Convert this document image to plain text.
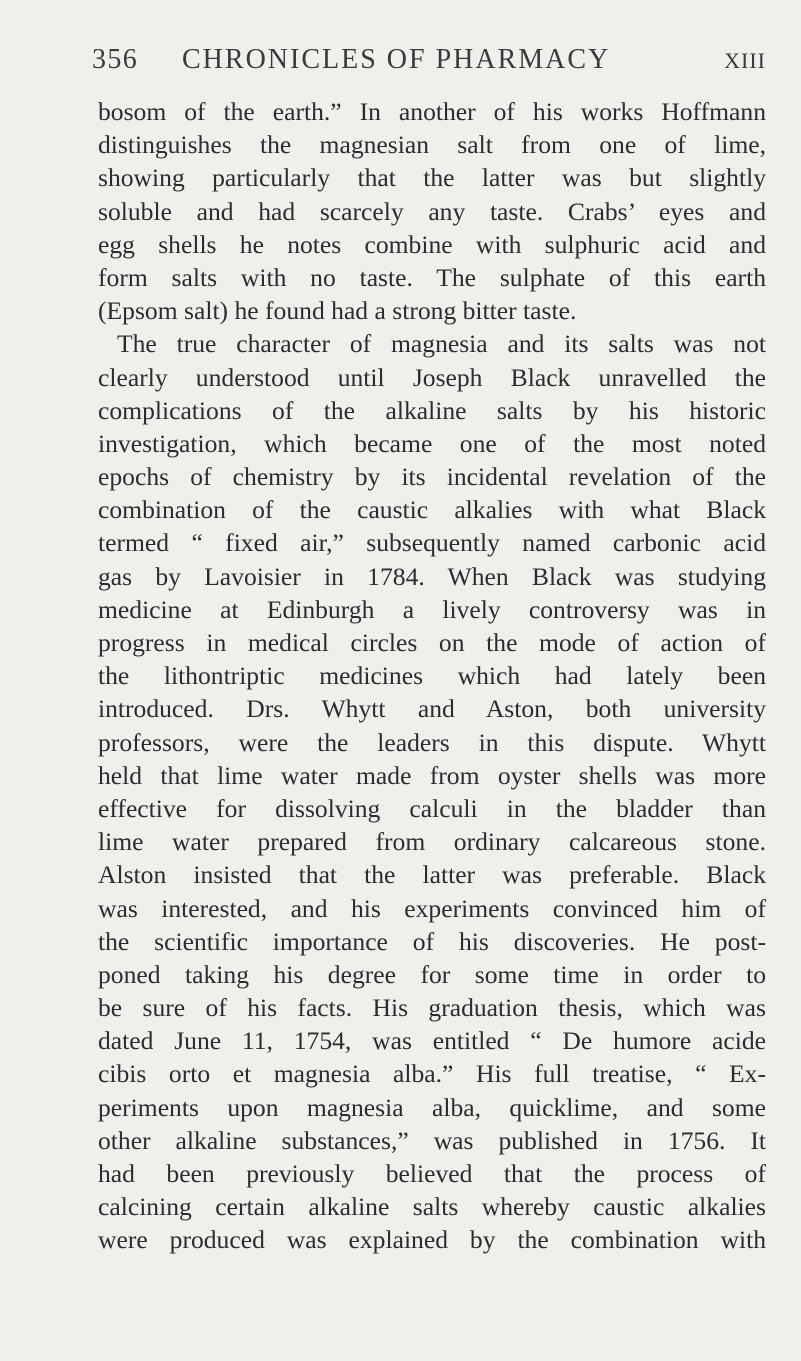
356	CHRONICLES OF PHARMACY	XIII
bosom of the earth.” In another of his works Hoffmann
distinguishes the magnesian salt from one of lime,
showing particularly that the latter was but slightly
soluble and had scarcely any taste. Crabs’ eyes and
egg shells he notes combine with sulphuric acid and
form salts with no taste. The sulphate of this earth
(Epsom salt) he found had a strong bitter taste.
The true character of magnesia and its salts was not
clearly understood until Joseph Black unravelled the
complications of the alkaline salts by his historic
investigation, which became one of the most noted
epochs of chemistry by its incidental revelation of the
combination of the caustic alkalies with what Black
termed “ fixed air,” subsequently named carbonic acid
gas by Lavoisier in 1784. When Black was studying
medicine at Edinburgh a lively controversy was in
progress in medical circles on the mode of action of
the lithontriptic medicines which had lately been
introduced. Drs. Whytt and Aston, both university
professors, were the leaders in this dispute. Whytt
held that lime water made from oyster shells was more
effective for dissolving calculi in the bladder than
lime water prepared from ordinary calcareous stone.
Alston insisted that the latter was preferable. Black
was interested, and his experiments convinced him of
the scientific importance of his discoveries. He post-
poned taking his degree for some time in order to
be sure of his facts. His graduation thesis, which was
dated June 11, 1754, was entitled “ De humore acide
cibis orto et magnesia alba.” His full treatise, “ Ex-
periments upon magnesia alba, quicklime, and some
other alkaline substances,” was published in 1756. It
had been previously believed that the process of
calcining certain alkaline salts whereby caustic alkalies
were produced was explained by the combination with
